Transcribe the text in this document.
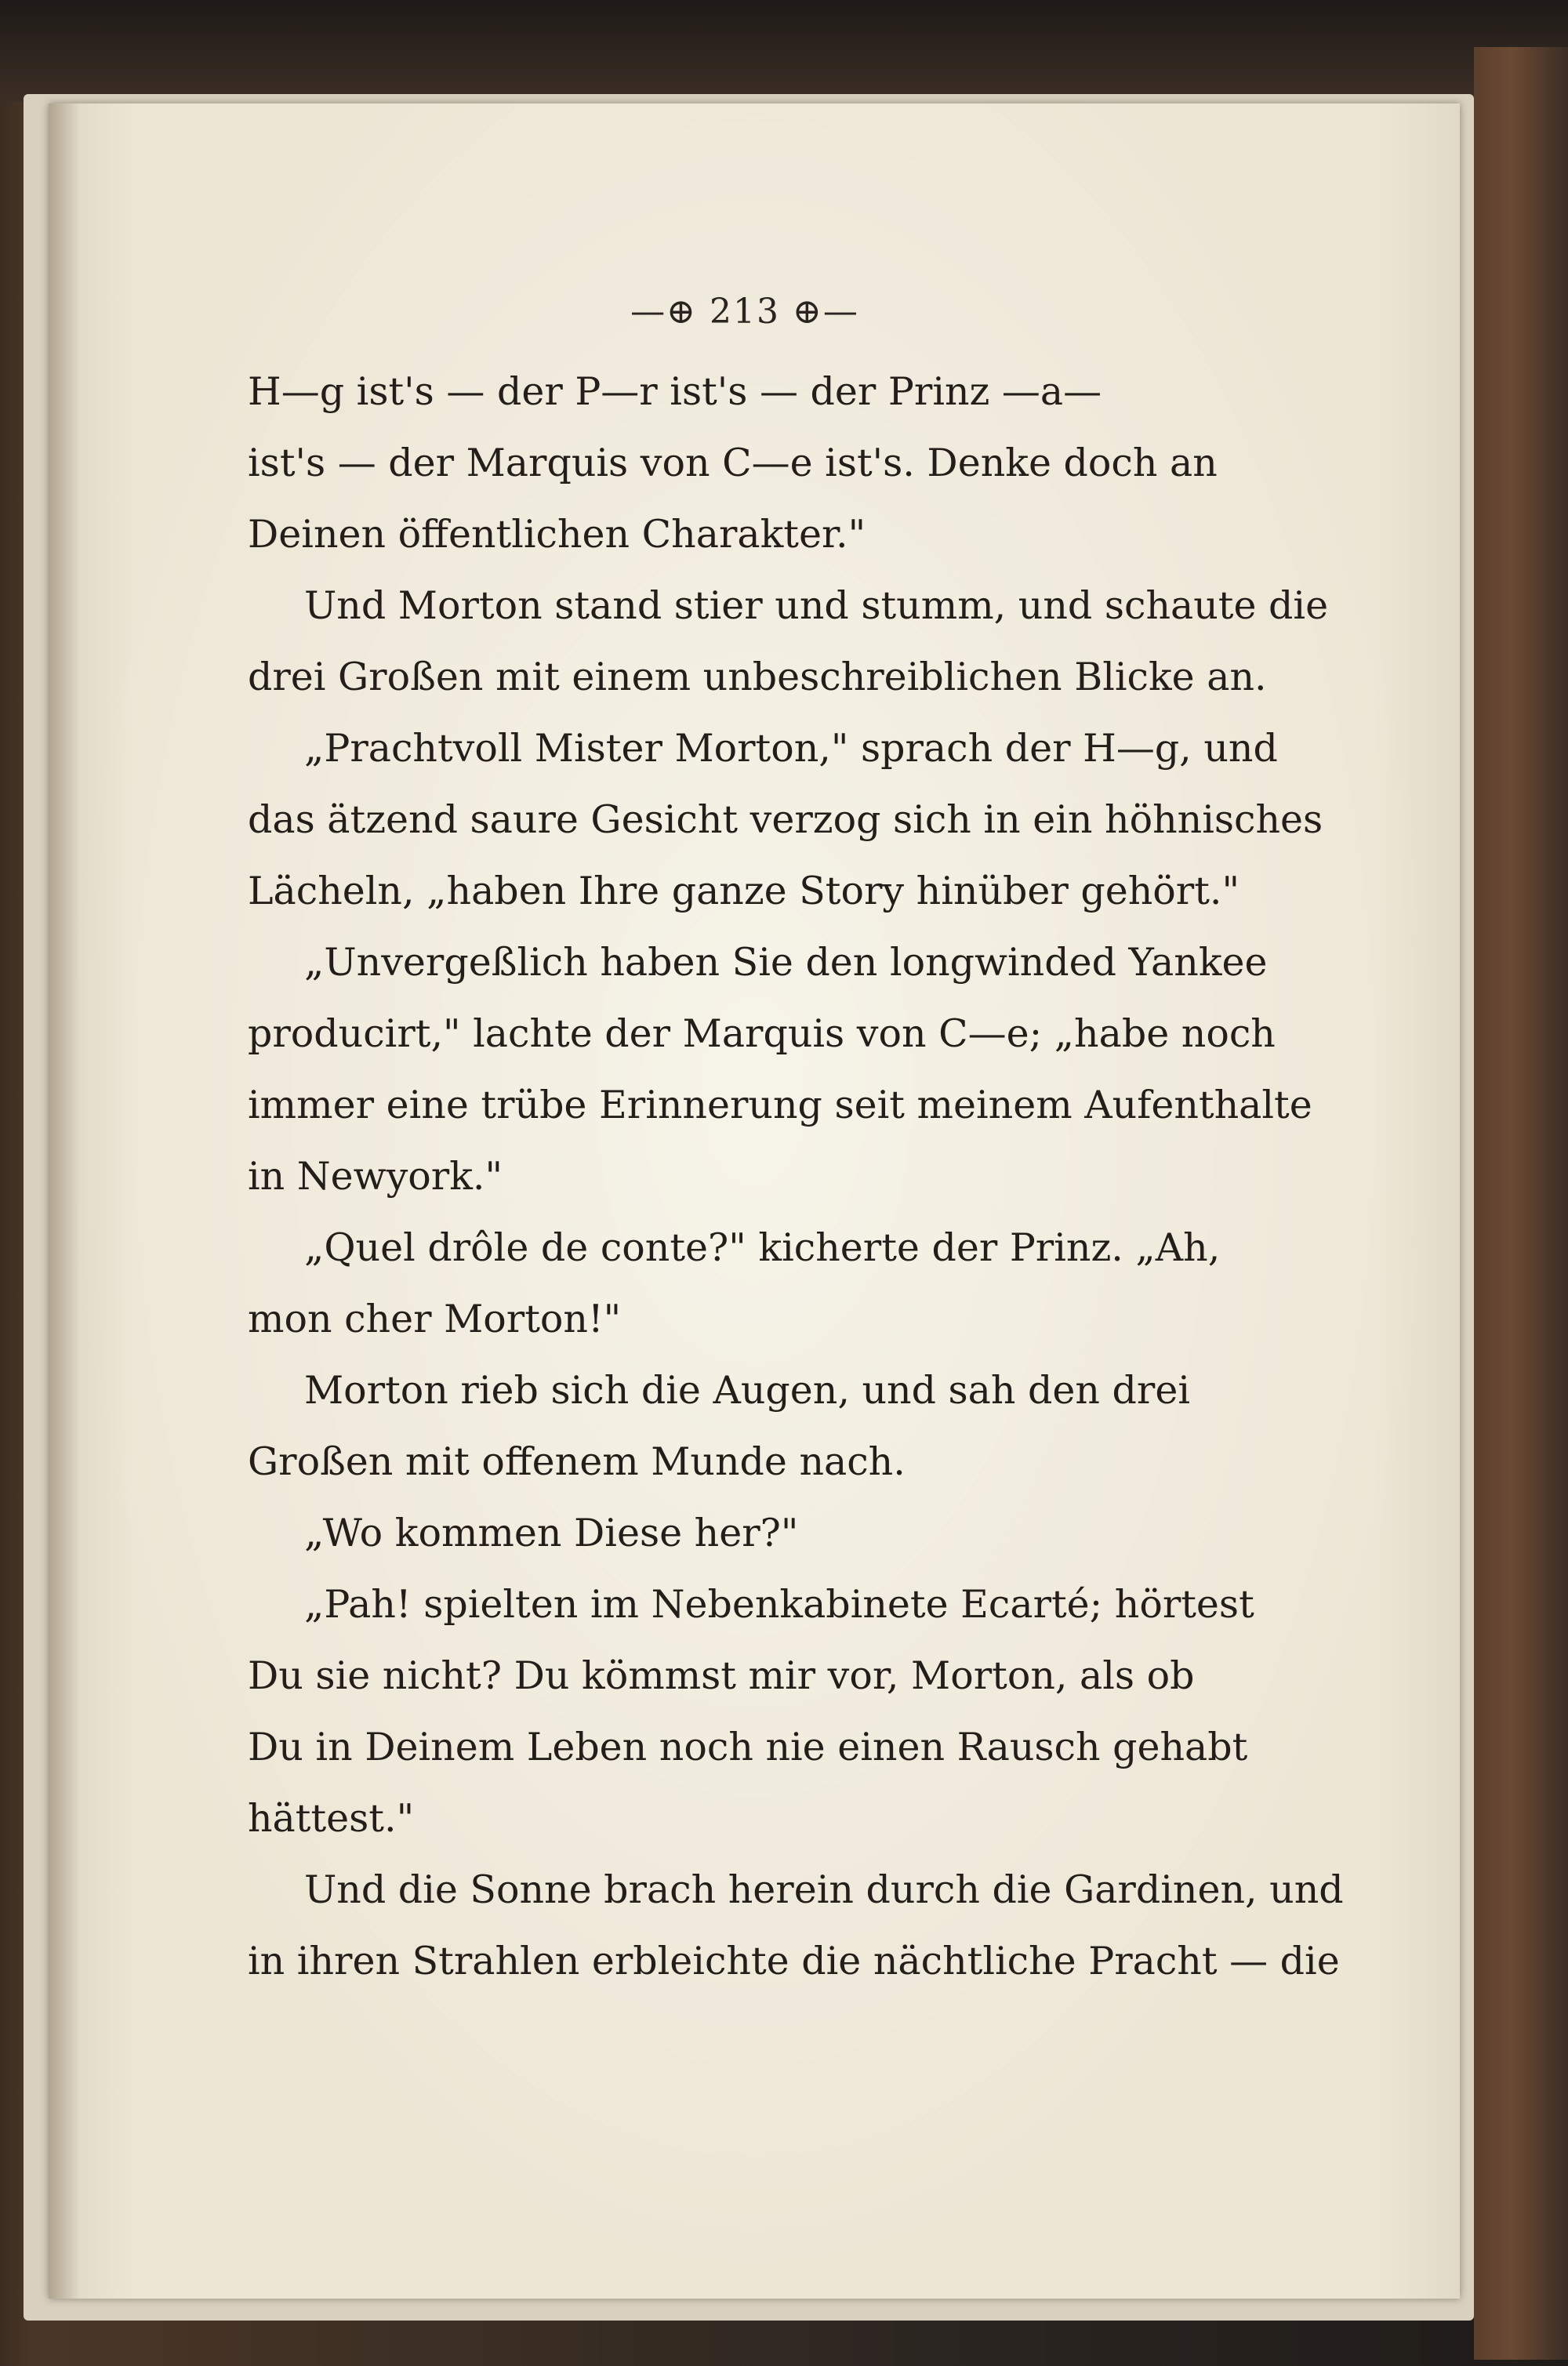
—⊕ 213 ⊕—
H—g ist's — der P—r ist's — der Prinz —a—
ist's — der Marquis von C—e ist's. Denke doch an
Deinen öffentlichen Charakter."
Und Morton stand stier und stumm, und schaute die
drei Großen mit einem unbeschreiblichen Blicke an.
„Prachtvoll Mister Morton," sprach der H—g, und
das ätzend saure Gesicht verzog sich in ein höhnisches
Lächeln, „haben Ihre ganze Story hinüber gehört."
„Unvergeßlich haben Sie den longwinded Yankee
producirt," lachte der Marquis von C—e; „habe noch
immer eine trübe Erinnerung seit meinem Aufenthalte
in Newyork."
„Quel drôle de conte?" kicherte der Prinz. „Ah,
mon cher Morton!"
Morton rieb sich die Augen, und sah den drei
Großen mit offenem Munde nach.
„Wo kommen Diese her?"
„Pah! spielten im Nebenkabinete Ecarté; hörtest
Du sie nicht? Du kömmst mir vor, Morton, als ob
Du in Deinem Leben noch nie einen Rausch gehabt
hättest."
Und die Sonne brach herein durch die Gardinen, und
in ihren Strahlen erbleichte die nächtliche Pracht — die
